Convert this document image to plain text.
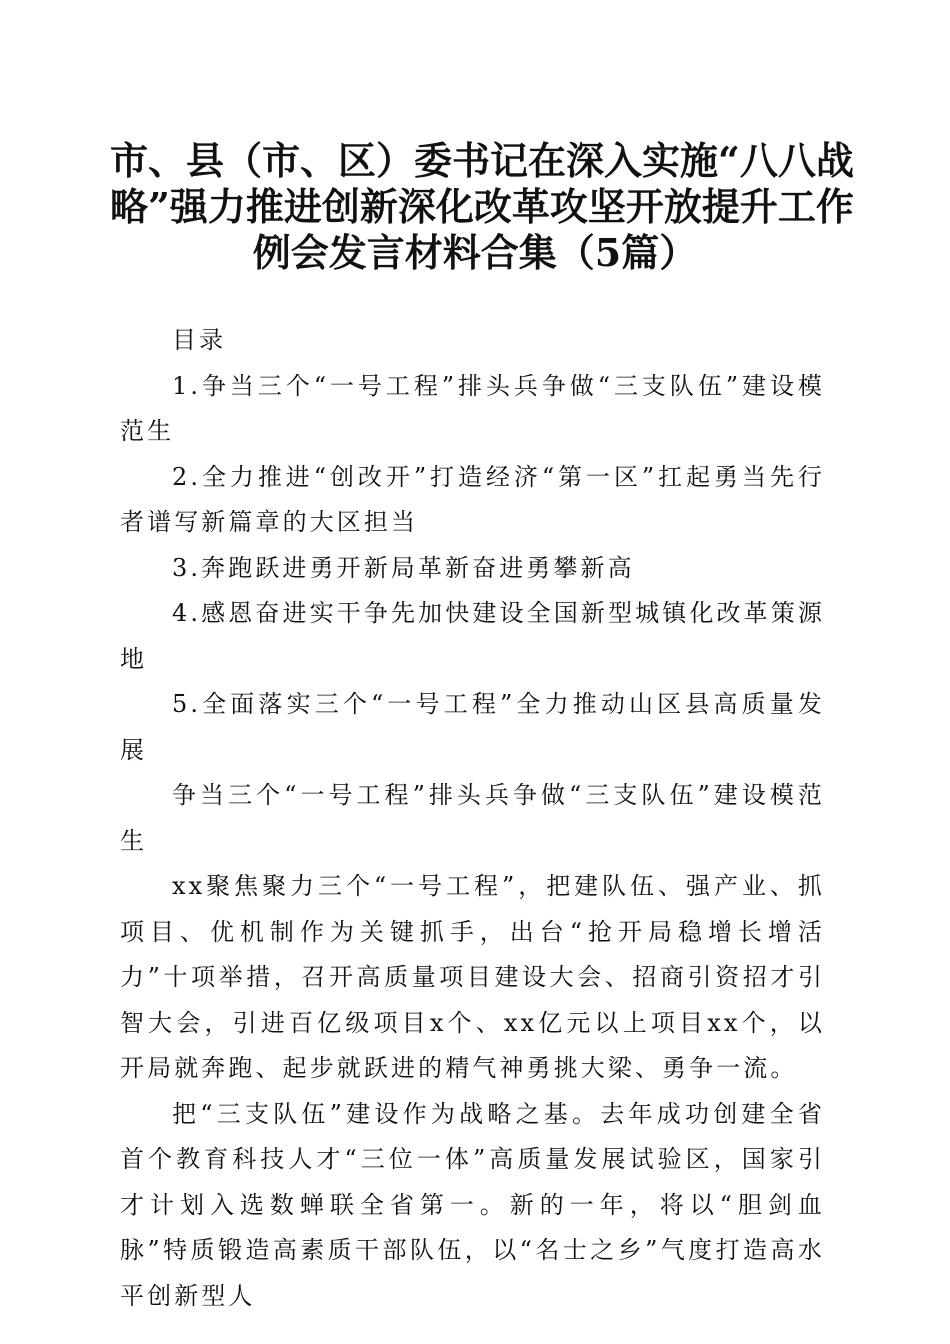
市、县（市、区）委书记在深入实施“八八战
略”强力推进创新深化改革攻坚开放提升工作
例会发言材料合集（5篇）

目录

1.争当三个“一号工程”排头兵争做“三支队伍”建设模范生

2.全力推进“创改开”打造经济“第一区”扛起勇当先行者谱写新篇章的大区担当

3.奔跑跃进勇开新局革新奋进勇攀新高

4.感恩奋进实干争先加快建设全国新型城镇化改革策源地

5.全面落实三个“一号工程”全力推动山区县高质量发展

争当三个“一号工程”排头兵争做“三支队伍”建设模范生

xx聚焦聚力三个“一号工程”，把建队伍、强产业、抓项目、优机制作为关键抓手，出台“抢开局稳增长增活力”十项举措，召开高质量项目建设大会、招商引资招才引智大会，引进百亿级项目x个、xx亿元以上项目xx个，以开局就奔跑、起步就跃进的精气神勇挑大梁、勇争一流。

把“三支队伍”建设作为战略之基。去年成功创建全省首个教育科技人才“三位一体”高质量发展试验区，国家引才计划入选数蝉联全省第一。新的一年，将以“胆剑血脉”特质锻造高素质干部队伍，以“名士之乡”气度打造高水平创新型人
